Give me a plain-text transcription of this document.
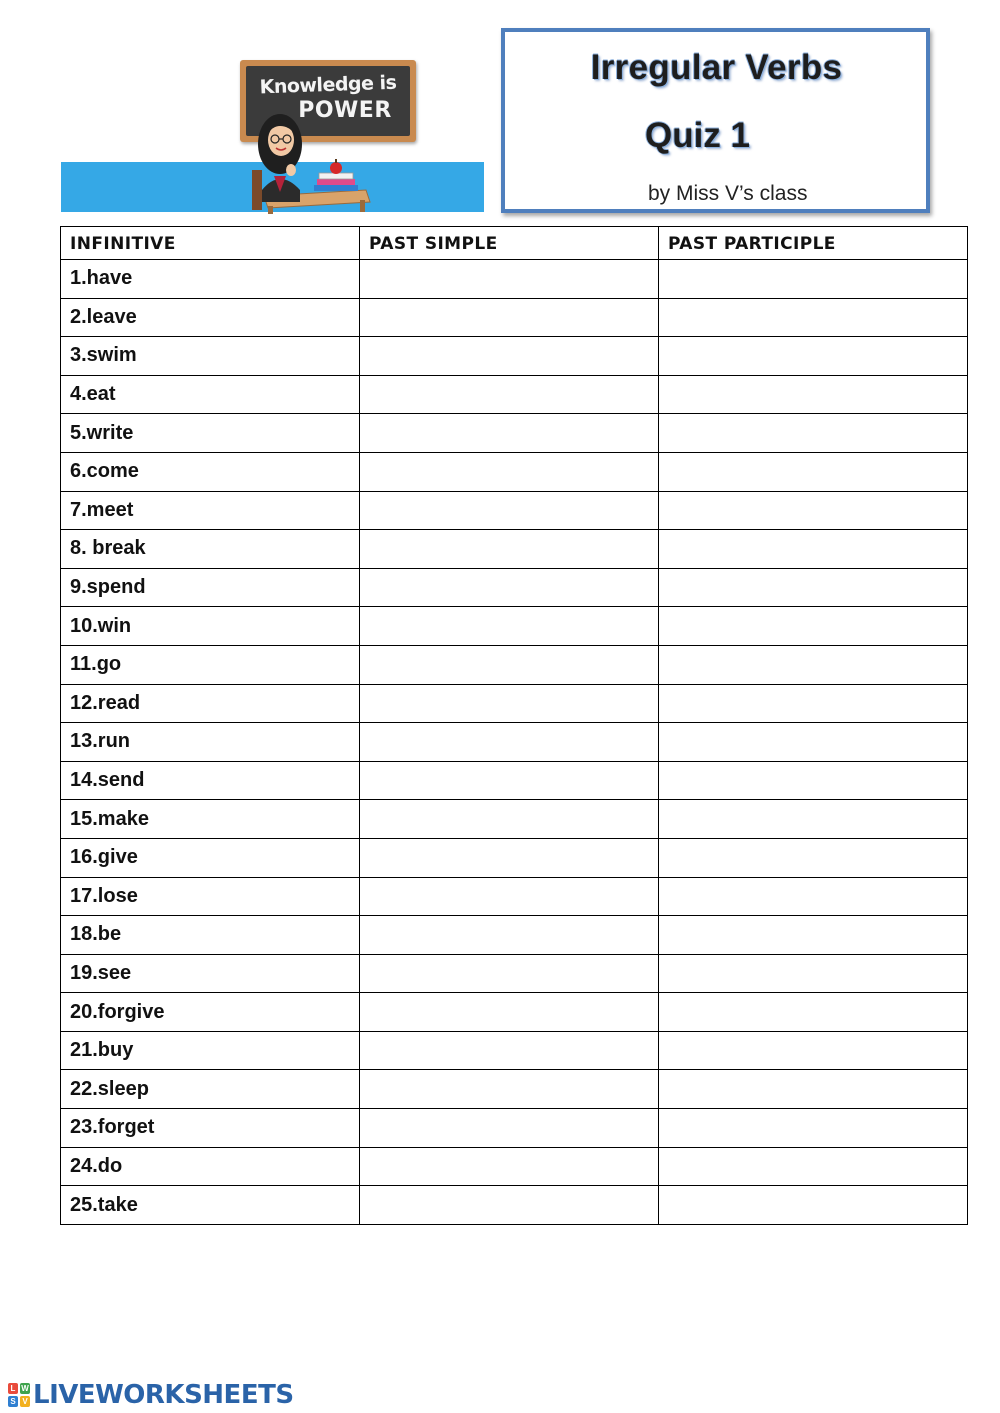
Knowledge is
POWER
Irregular Verbs
Quiz 1
by Miss V’s class
INFINITIVE	PAST SIMPLE	PAST PARTICIPLE
1.have		
2.leave		
3.swim		
4.eat		
5.write		
6.come		
7.meet		
8. break		
9.spend		
10.win		
11.go		
12.read		
13.run		
14.send		
15.make		
16.give		
17.lose		
18.be		
19.see		
20.forgive		
21.buy		
22.sleep		
23.forget		
24.do		
25.take		
L W
S V LIVEWORKSHEETS
